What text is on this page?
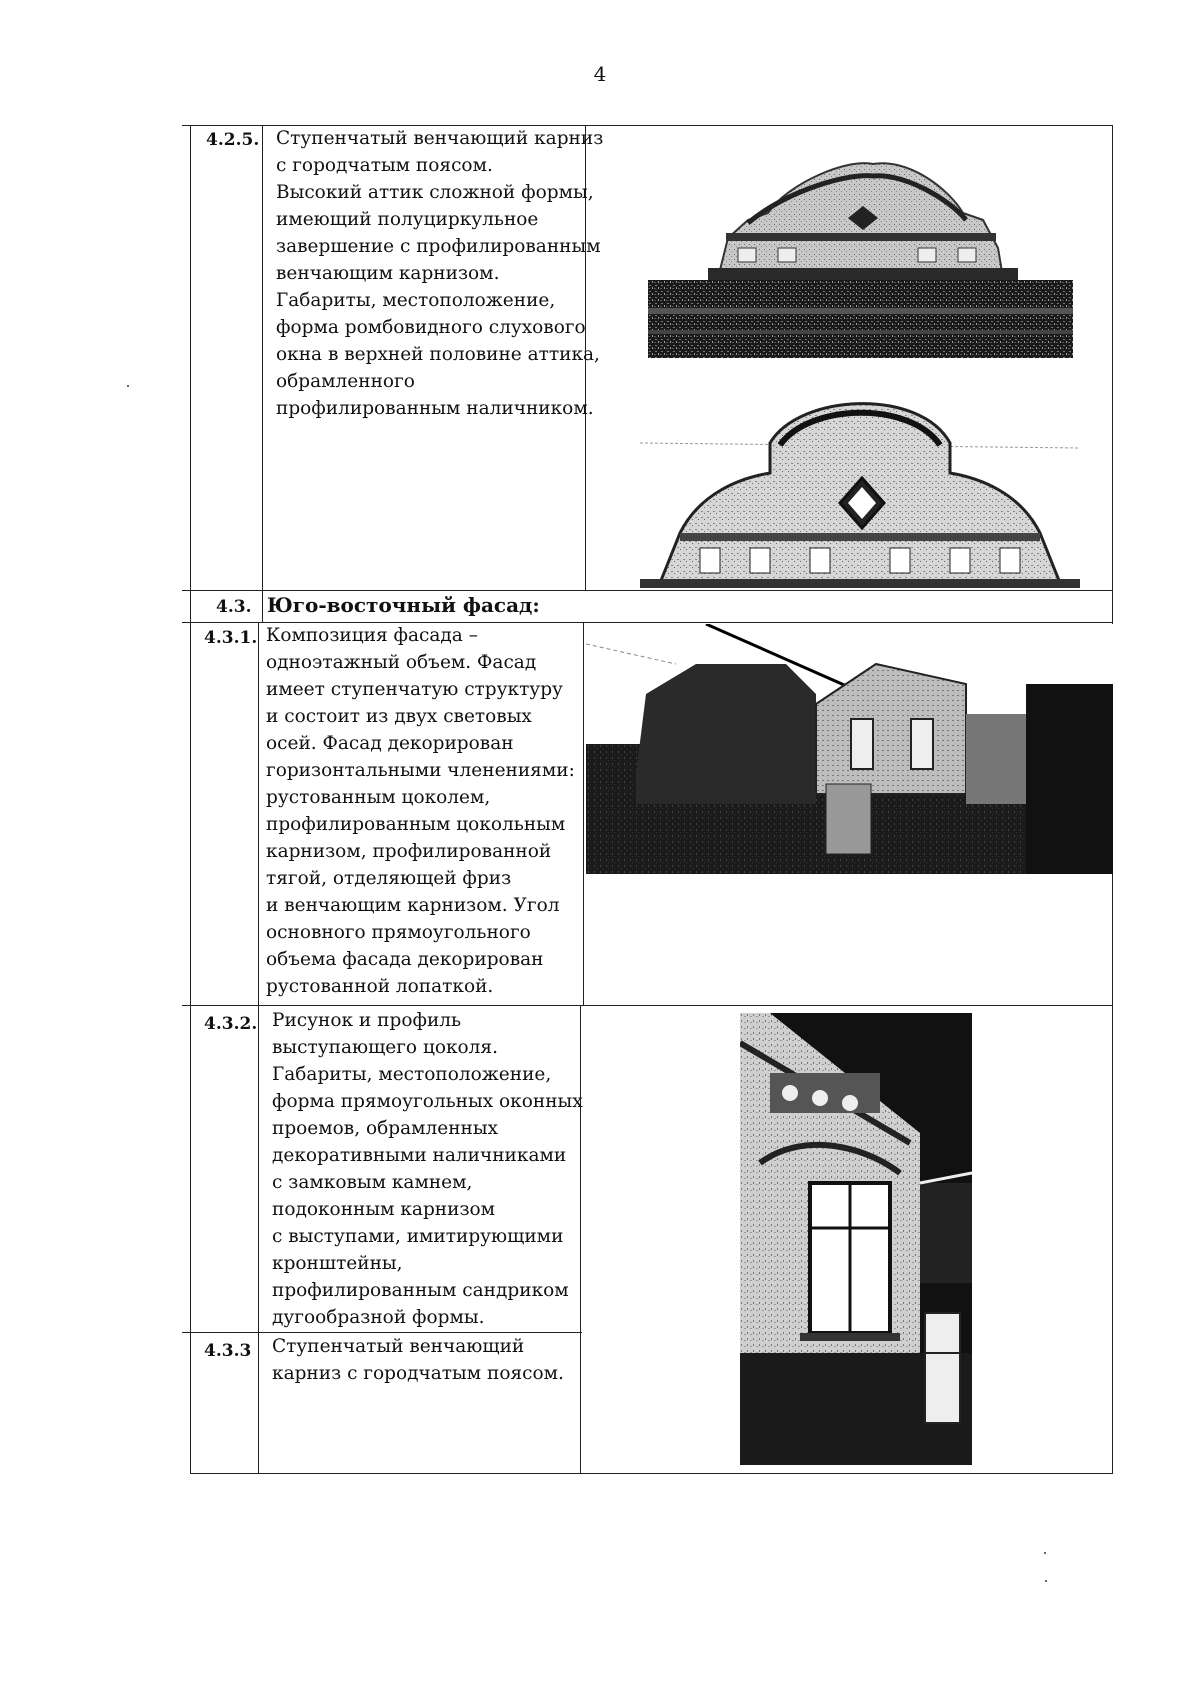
4
4.2.5. Ступенчатый венчающий карниз
с городчатым поясом.
Высокий аттик сложной формы,
имеющий полуциркульное
завершение с профилированным
венчающим карнизом.
Габариты, местоположение,
форма ромбовидного слухового
окна в верхней половине аттика,
обрамленного
профилированным наличником.
4.3. Юго-восточный фасад:
4.3.1. Композиция фасада –
одноэтажный объем. Фасад
имеет ступенчатую структуру
и состоит из двух световых
осей. Фасад декорирован
горизонтальными членениями:
рустованным цоколем,
профилированным цокольным
карнизом, профилированной
тягой, отделяющей фриз
и венчающим карнизом. Угол
основного прямоугольного
объема фасада декорирован
рустованной лопаткой.
4.3.2. Рисунок и профиль
выступающего цоколя.
Габариты, местоположение,
форма прямоугольных оконных
проемов, обрамленных
декоративными наличниками
с замковым камнем,
подоконным карнизом
с выступами, имитирующими
кронштейны,
профилированным сандриком
дугообразной формы.
4.3.3 Ступенчатый венчающий
карниз с городчатым поясом.
